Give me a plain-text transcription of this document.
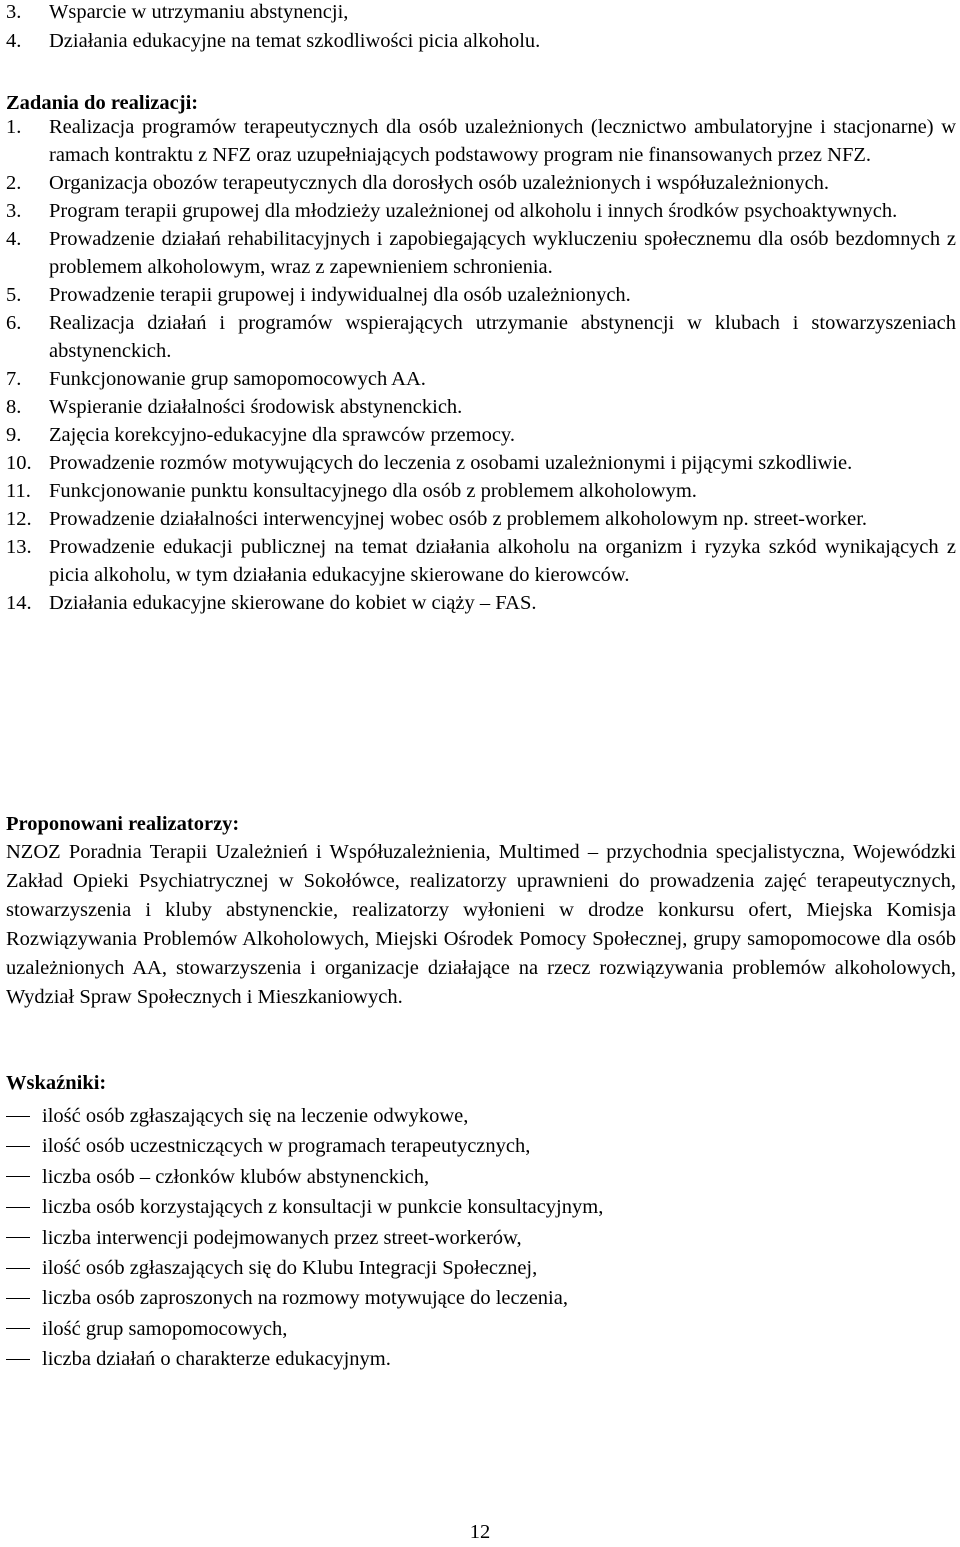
3.	Wsparcie w utrzymaniu abstynencji,
4.	Działania edukacyjne na temat szkodliwości picia alkoholu.
Zadania do realizacji:
1.	Realizacja programów terapeutycznych dla osób uzależnionych (lecznictwo ambulatoryjne i stacjonarne) w ramach kontraktu z NFZ oraz uzupełniających podstawowy program nie finansowanych przez NFZ.
2.	Organizacja obozów terapeutycznych dla dorosłych osób uzależnionych i współuzależnionych.
3.	Program terapii grupowej dla młodzieży uzależnionej od alkoholu i innych środków psychoaktywnych.
4.	Prowadzenie działań rehabilitacyjnych i zapobiegających wykluczeniu społecznemu dla osób bezdomnych z problemem alkoholowym, wraz z zapewnieniem schronienia.
5.	Prowadzenie terapii grupowej i indywidualnej dla osób uzależnionych.
6.	Realizacja działań i programów wspierających utrzymanie abstynencji w klubach i stowarzyszeniach abstynenckich.
7.	Funkcjonowanie grup samopomocowych AA.
8.	Wspieranie działalności środowisk abstynenckich.
9.	Zajęcia korekcyjno-edukacyjne dla sprawców przemocy.
10. Prowadzenie rozmów motywujących do leczenia z osobami uzależnionymi i pijącymi szkodliwie.
11. Funkcjonowanie punktu konsultacyjnego dla osób z problemem alkoholowym.
12. Prowadzenie działalności interwencyjnej wobec osób z problemem alkoholowym np. street-worker.
13. Prowadzenie edukacji publicznej na temat działania alkoholu na organizm i ryzyka szkód wynikających z picia alkoholu, w tym działania edukacyjne skierowane do kierowców.
14. Działania edukacyjne skierowane do kobiet w ciąży – FAS.
Proponowani realizatorzy:
NZOZ Poradnia Terapii Uzależnień i Współuzależnienia, Multimed – przychodnia specjalistyczna, Wojewódzki Zakład Opieki Psychiatrycznej w Sokołówce, realizatorzy uprawnieni do prowadzenia zajęć terapeutycznych, stowarzyszenia i kluby abstynenckie, realizatorzy wyłonieni w drodze konkursu ofert, Miejska Komisja Rozwiązywania Problemów Alkoholowych, Miejski Ośrodek Pomocy Społecznej, grupy samopomocowe dla osób uzależnionych AA, stowarzyszenia i organizacje działające na rzecz rozwiązywania problemów alkoholowych, Wydział Spraw Społecznych i Mieszkaniowych.
Wskaźniki:
ilość osób zgłaszających się na leczenie odwykowe,
ilość osób uczestniczących w programach terapeutycznych,
liczba osób – członków klubów abstynenckich,
liczba osób korzystających z konsultacji w punkcie konsultacyjnym,
liczba interwencji podejmowanych przez street-workerów,
ilość osób zgłaszających się do Klubu Integracji Społecznej,
liczba osób zaproszonych na rozmowy motywujące do leczenia,
ilość grup samopomocowych,
liczba działań o charakterze edukacyjnym.
12
